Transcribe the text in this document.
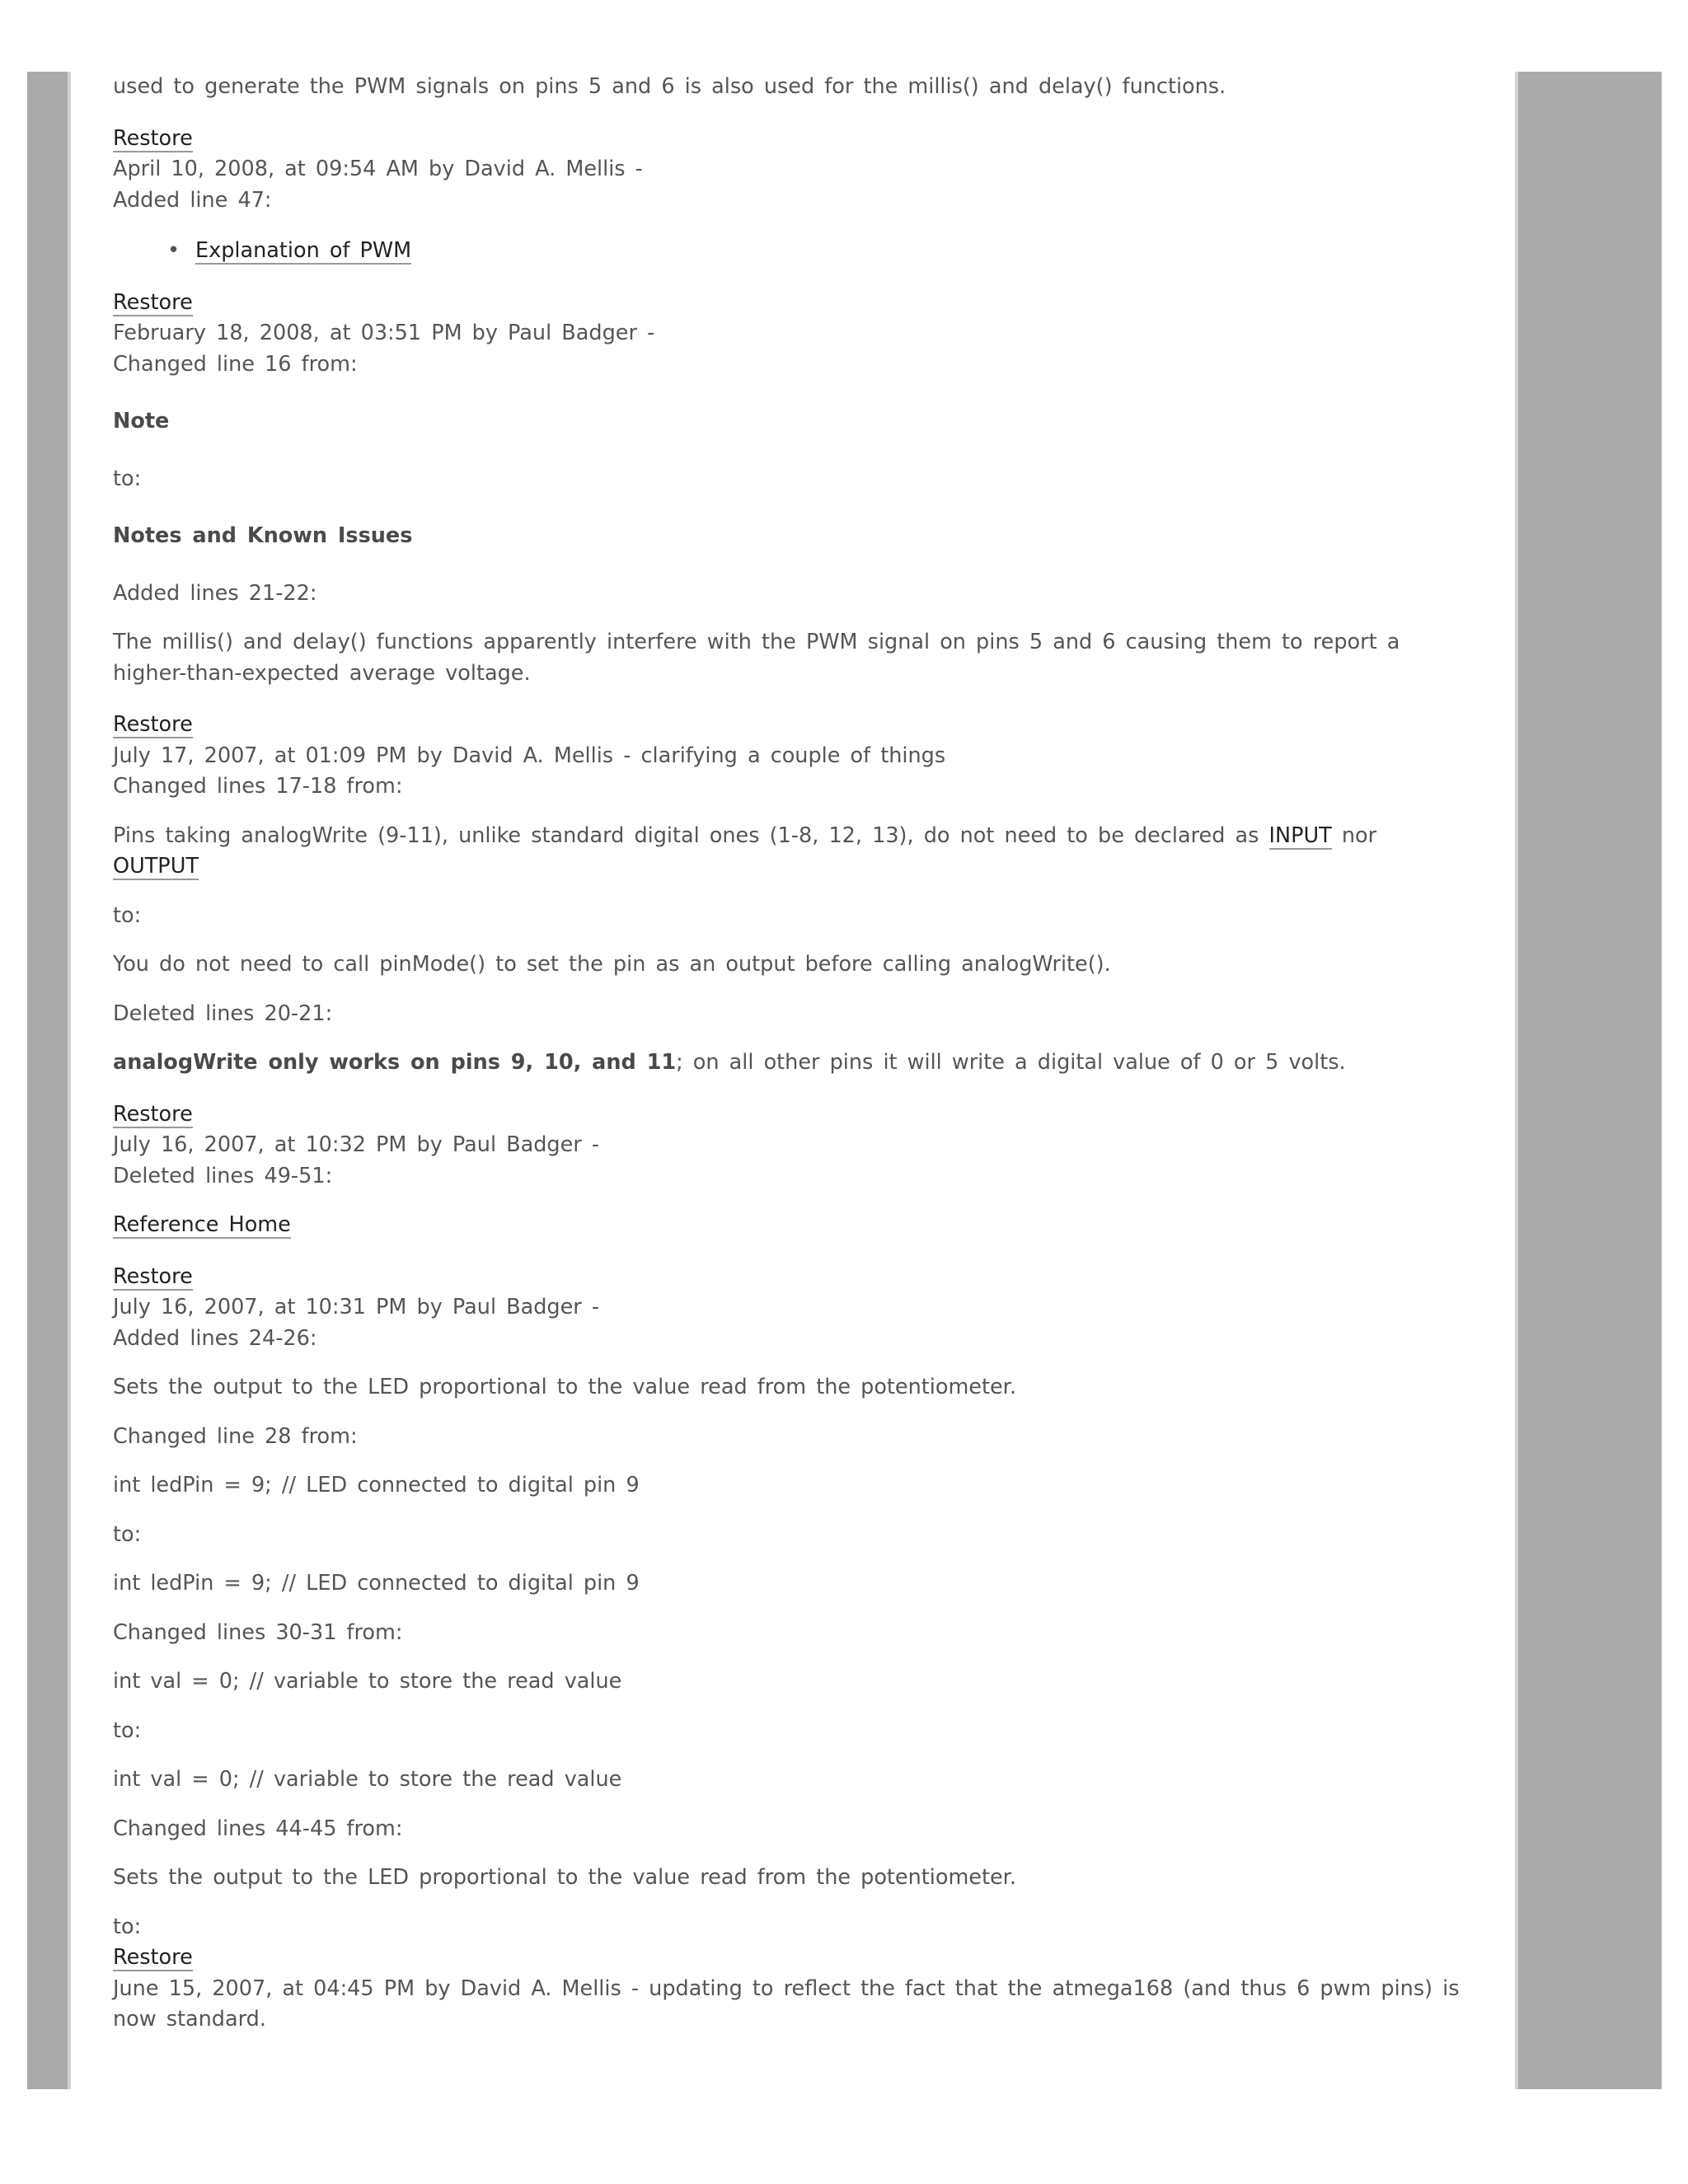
used to generate the PWM signals on pins 5 and 6 is also used for the millis() and delay() functions.

Restore

April 10, 2008, at 09:54 AM by David A. Mellis -

Added line 47:

• Explanation of PWM

Restore

February 18, 2008, at 03:51 PM by Paul Badger -

Changed line 16 from:

Note

to:

Notes and Known Issues

Added lines 21-22:

The millis() and delay() functions apparently interfere with the PWM signal on pins 5 and 6 causing them to report a higher-than-expected average voltage.

Restore

July 17, 2007, at 01:09 PM by David A. Mellis - clarifying a couple of things

Changed lines 17-18 from:

Pins taking analogWrite (9-11), unlike standard digital ones (1-8, 12, 13), do not need to be declared as INPUT nor OUTPUT

to:

You do not need to call pinMode() to set the pin as an output before calling analogWrite().

Deleted lines 20-21:

analogWrite only works on pins 9, 10, and 11; on all other pins it will write a digital value of 0 or 5 volts.

Restore

July 16, 2007, at 10:32 PM by Paul Badger -

Deleted lines 49-51:

Reference Home

Restore

July 16, 2007, at 10:31 PM by Paul Badger -

Added lines 24-26:

Sets the output to the LED proportional to the value read from the potentiometer.

Changed line 28 from:

int ledPin = 9; // LED connected to digital pin 9

to:

int ledPin = 9; // LED connected to digital pin 9

Changed lines 30-31 from:

int val = 0; // variable to store the read value

to:

int val = 0; // variable to store the read value

Changed lines 44-45 from:

Sets the output to the LED proportional to the value read from the potentiometer.

to:

Restore

June 15, 2007, at 04:45 PM by David A. Mellis - updating to reflect the fact that the atmega168 (and thus 6 pwm pins) is now standard.
